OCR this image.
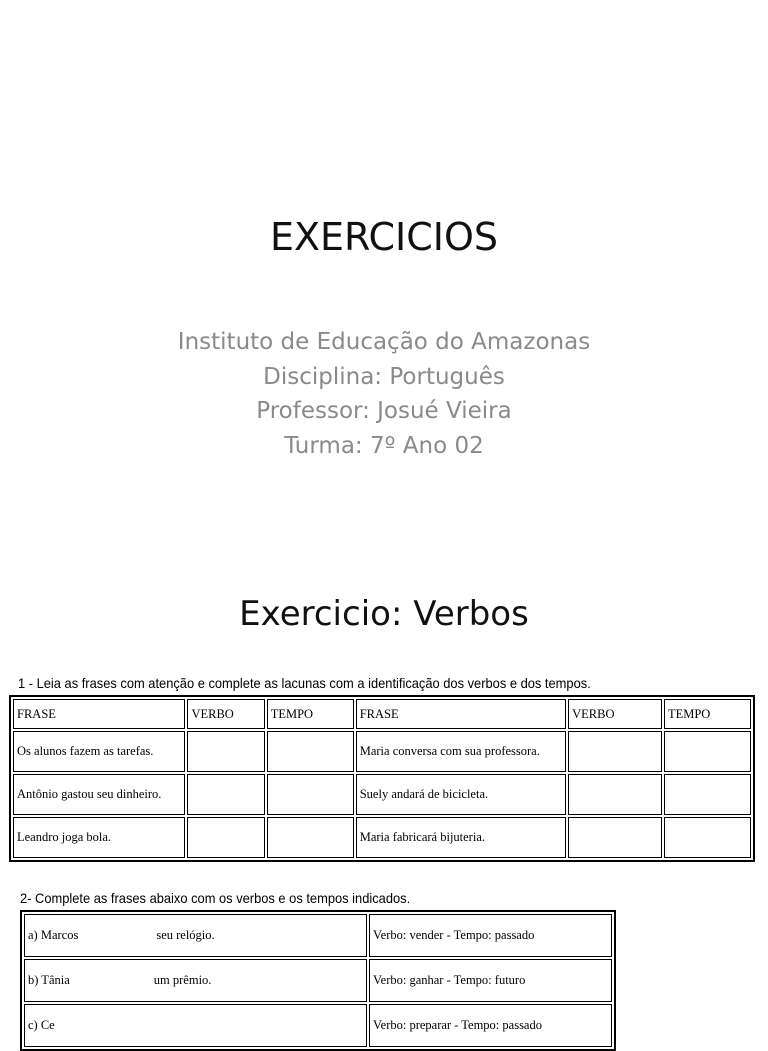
EXERCICIOS
Instituto de Educação do Amazonas
Disciplina: Português
Professor: Josué Vieira
Turma: 7º Ano 02
Exercicio: Verbos
1 - Leia as frases com atenção e complete as lacunas com a identificação dos verbos e dos tempos.
FRASE	VERBO	TEMPO	FRASE	VERBO	TEMPO
Os alunos fazem as tarefas.			Maria conversa com sua professora.		
Antônio gastou seu dinheiro.			Suely andará de bicicleta.		
Leandro joga bola.			Maria fabricará bijuteria.		
2- Complete as frases abaixo com os verbos e os tempos indicados.
a) Marcos seu relógio.	Verbo: vender - Tempo: passado
b) Tânia um prêmio.	Verbo: ganhar - Tempo: futuro
c) Ce	Verbo: preparar - Tempo: passado
